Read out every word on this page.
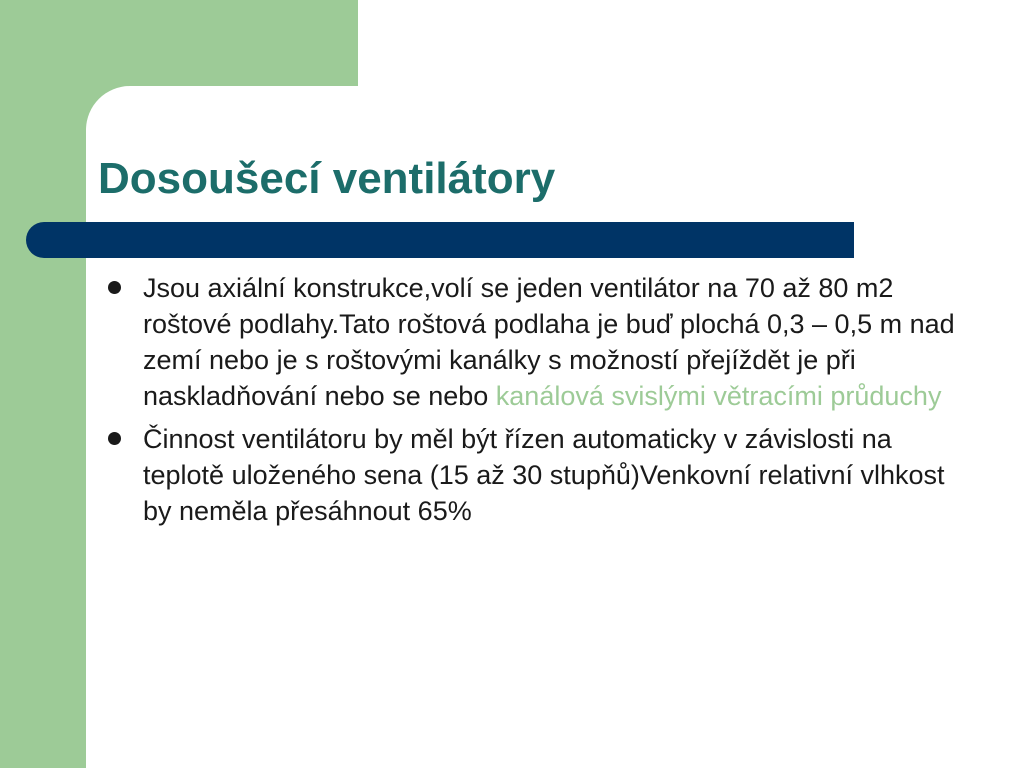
Dosoušecí ventilátory
Jsou axiální konstrukce,volí se jeden ventilátor na 70 až 80 m2 roštové podlahy.Tato roštová podlaha je buď plochá 0,3 – 0,5 m nad zemí nebo je s roštovými kanálky s možností přejíždět je při naskladňování nebo se nebo kanálová svislými větracími průduchy
Činnost ventilátoru by měl být řízen automaticky v závislosti na teplotě uloženého sena (15 až 30 stupňů)Venkovní relativní vlhkost by neměla přesáhnout 65%
